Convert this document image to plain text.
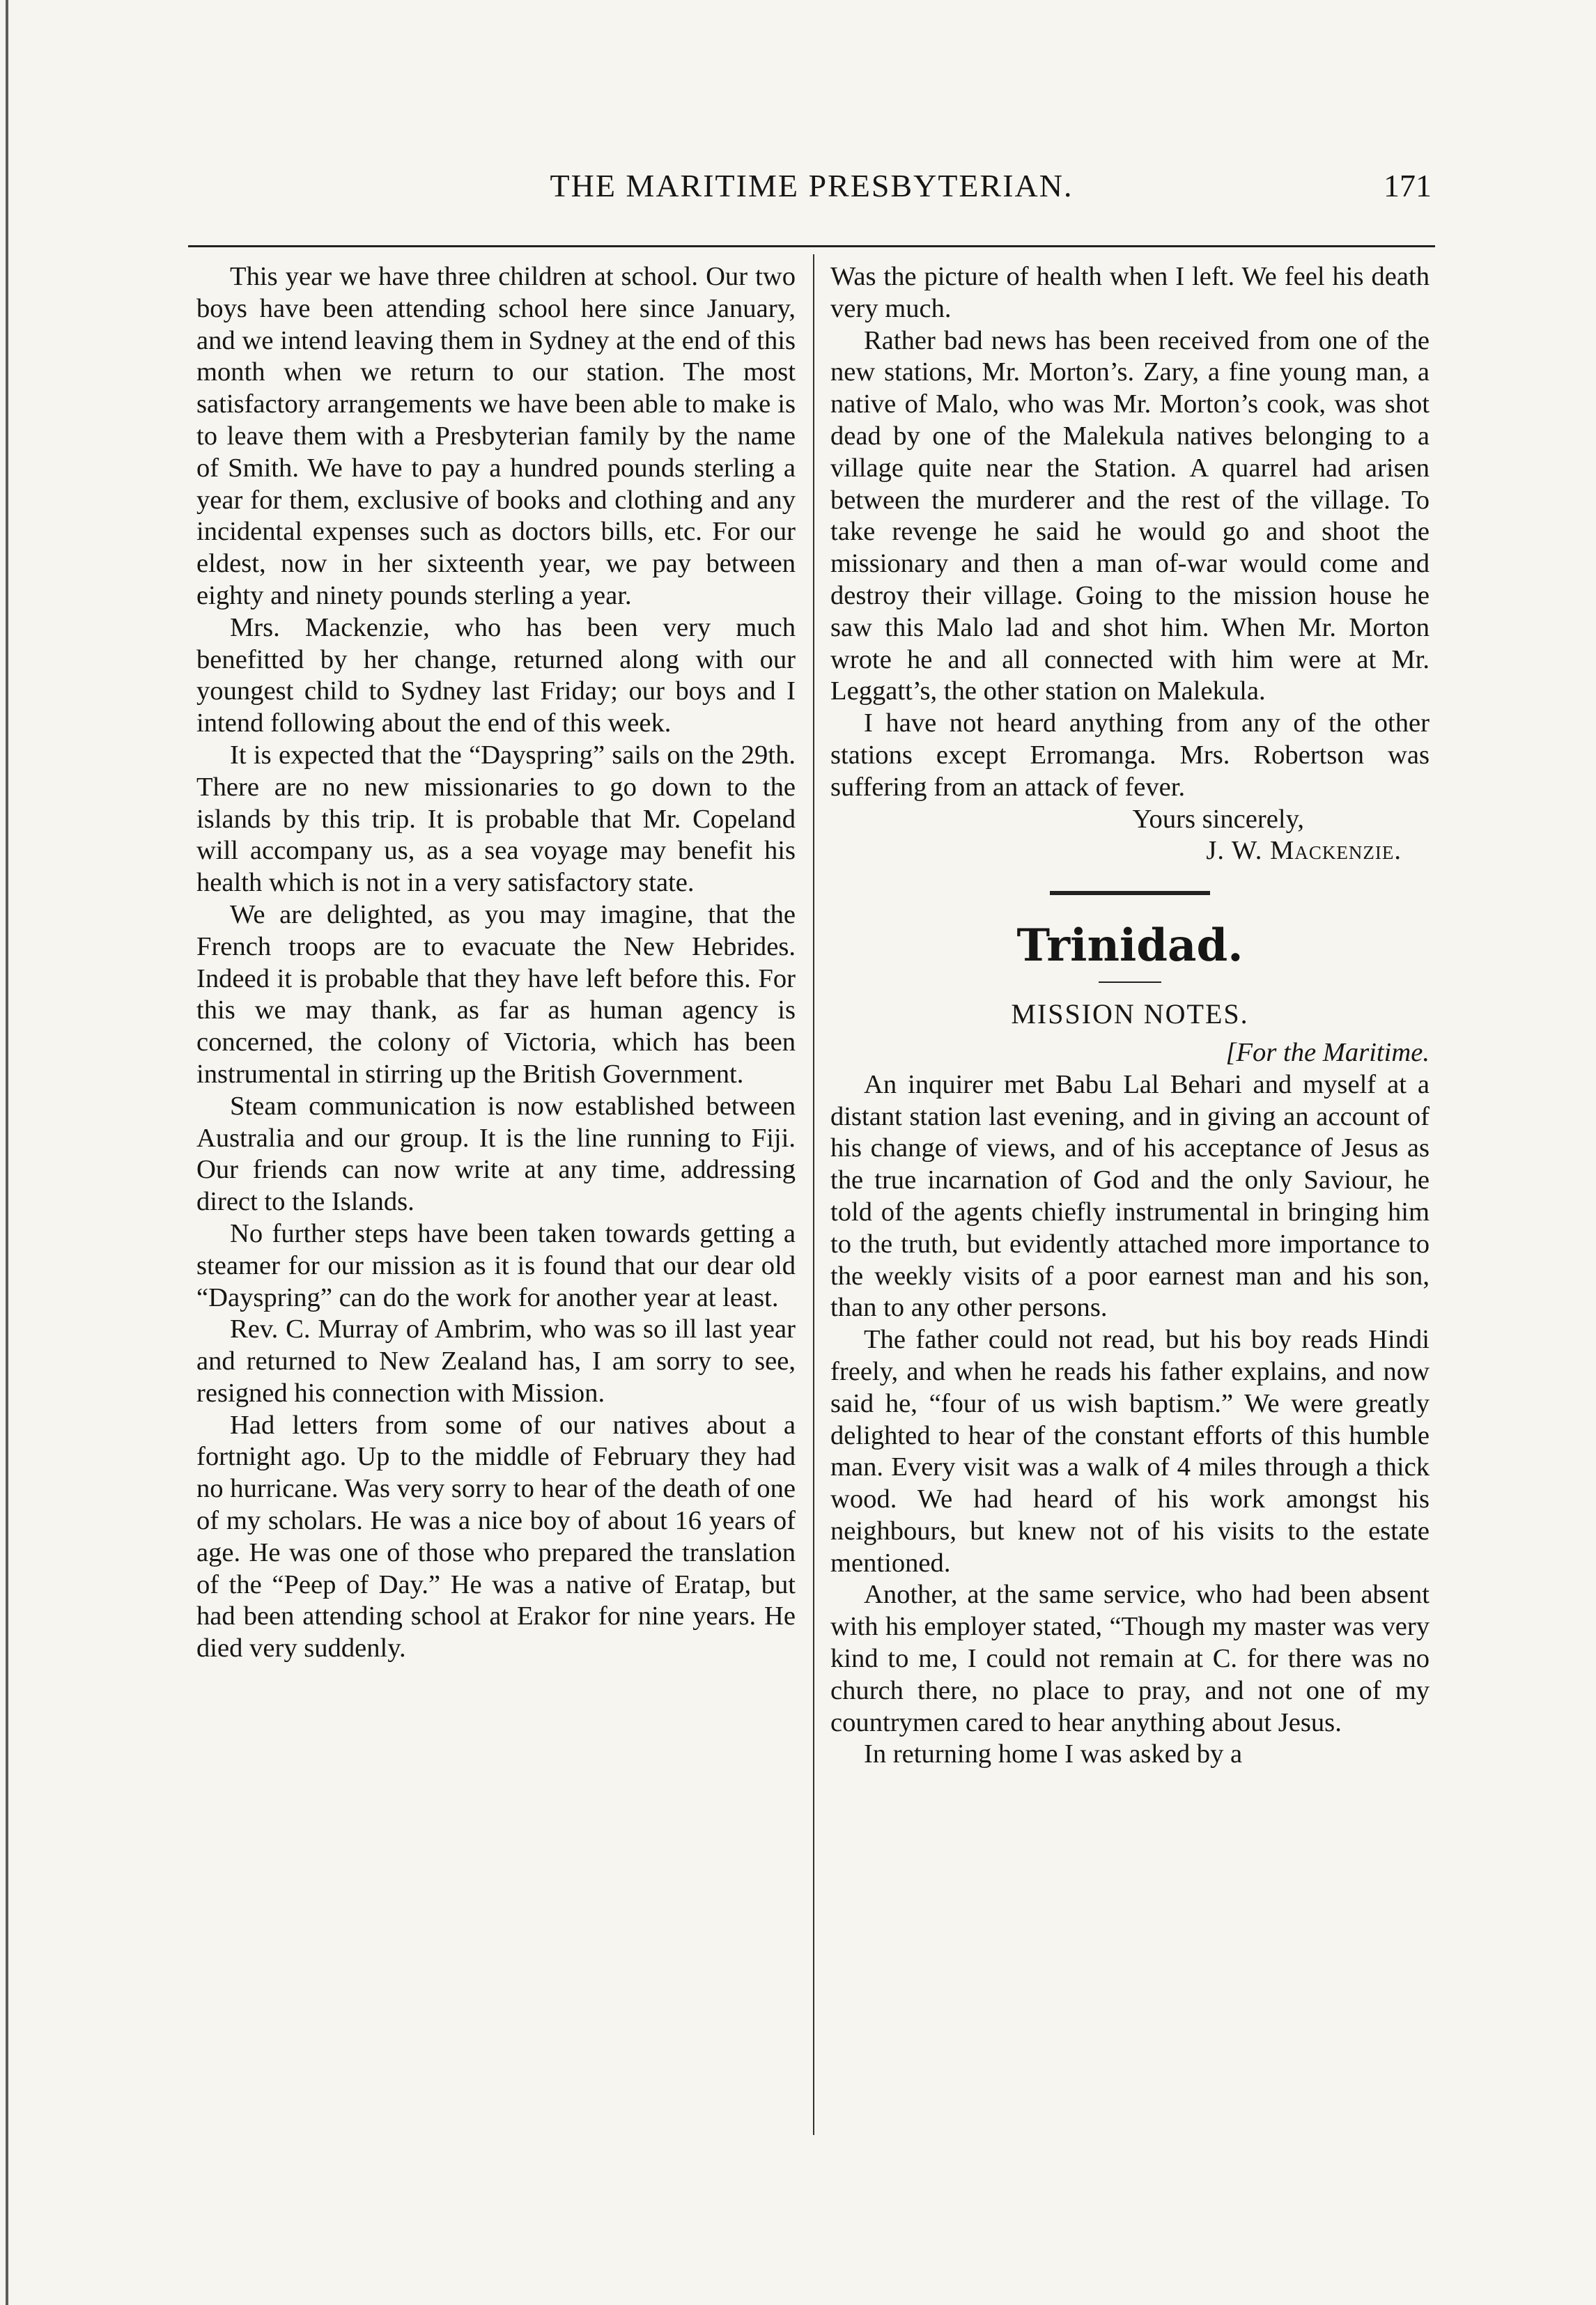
THE MARITIME PRESBYTERIAN.	171

This year we have three children at school. Our two boys have been attending school here since January, and we intend leaving them in Sydney at the end of this month when we return to our station. The most satisfactory arrangements we have been able to make is to leave them with a Presbyterian family by the name of Smith. We have to pay a hundred pounds sterling a year for them, exclusive of books and clothing and any incidental expenses such as doctors bills, etc. For our eldest, now in her sixteenth year, we pay between eighty and ninety pounds sterling a year.

Mrs. Mackenzie, who has been very much benefitted by her change, returned along with our youngest child to Sydney last Friday; our boys and I intend following about the end of this week.

It is expected that the “Dayspring” sails on the 29th. There are no new missionaries to go down to the islands by this trip. It is probable that Mr. Copeland will accompany us, as a sea voyage may benefit his health which is not in a very satisfactory state.

We are delighted, as you may imagine, that the French troops are to evacuate the New Hebrides. Indeed it is probable that they have left before this. For this we may thank, as far as human agency is concerned, the colony of Victoria, which has been instrumental in stirring up the British Government.

Steam communication is now established between Australia and our group. It is the line running to Fiji. Our friends can now write at any time, addressing direct to the Islands.

No further steps have been taken towards getting a steamer for our mission as it is found that our dear old “Dayspring” can do the work for another year at least.

Rev. C. Murray of Ambrim, who was so ill last year and returned to New Zealand has, I am sorry to see, resigned his connection with Mission.

Had letters from some of our natives about a fortnight ago. Up to the middle of February they had no hurricane. Was very sorry to hear of the death of one of my scholars. He was a nice boy of about 16 years of age. He was one of those who prepared the translation of the “Peep of Day.” He was a native of Eratap, but had been attending school at Erakor for nine years. He died very suddenly.

Was the picture of health when I left. We feel his death very much.

Rather bad news has been received from one of the new stations, Mr. Morton’s. Zary, a fine young man, a native of Malo, who was Mr. Morton’s cook, was shot dead by one of the Malekula natives belonging to a village quite near the Station. A quarrel had arisen between the murderer and the rest of the village. To take revenge he said he would go and shoot the missionary and then a man of-war would come and destroy their village. Going to the mission house he saw this Malo lad and shot him. When Mr. Morton wrote he and all connected with him were at Mr. Leggatt’s, the other station on Malekula.

I have not heard anything from any of the other stations except Erromanga. Mrs. Robertson was suffering from an attack of fever.

Yours sincerely,

J. W. Mackenzie.

Trinidad.
MISSION NOTES.

[For the Maritime.

An inquirer met Babu Lal Behari and myself at a distant station last evening, and in giving an account of his change of views, and of his acceptance of Jesus as the true incarnation of God and the only Saviour, he told of the agents chiefly instrumental in bringing him to the truth, but evidently attached more importance to the weekly visits of a poor earnest man and his son, than to any other persons.

The father could not read, but his boy reads Hindi freely, and when he reads his father explains, and now said he, “four of us wish baptism.” We were greatly delighted to hear of the constant efforts of this humble man. Every visit was a walk of 4 miles through a thick wood. We had heard of his work amongst his neighbours, but knew not of his visits to the estate mentioned.

Another, at the same service, who had been absent with his employer stated, “Though my master was very kind to me, I could not remain at C. for there was no church there, no place to pray, and not one of my countrymen cared to hear anything about Jesus.

In returning home I was asked by a
